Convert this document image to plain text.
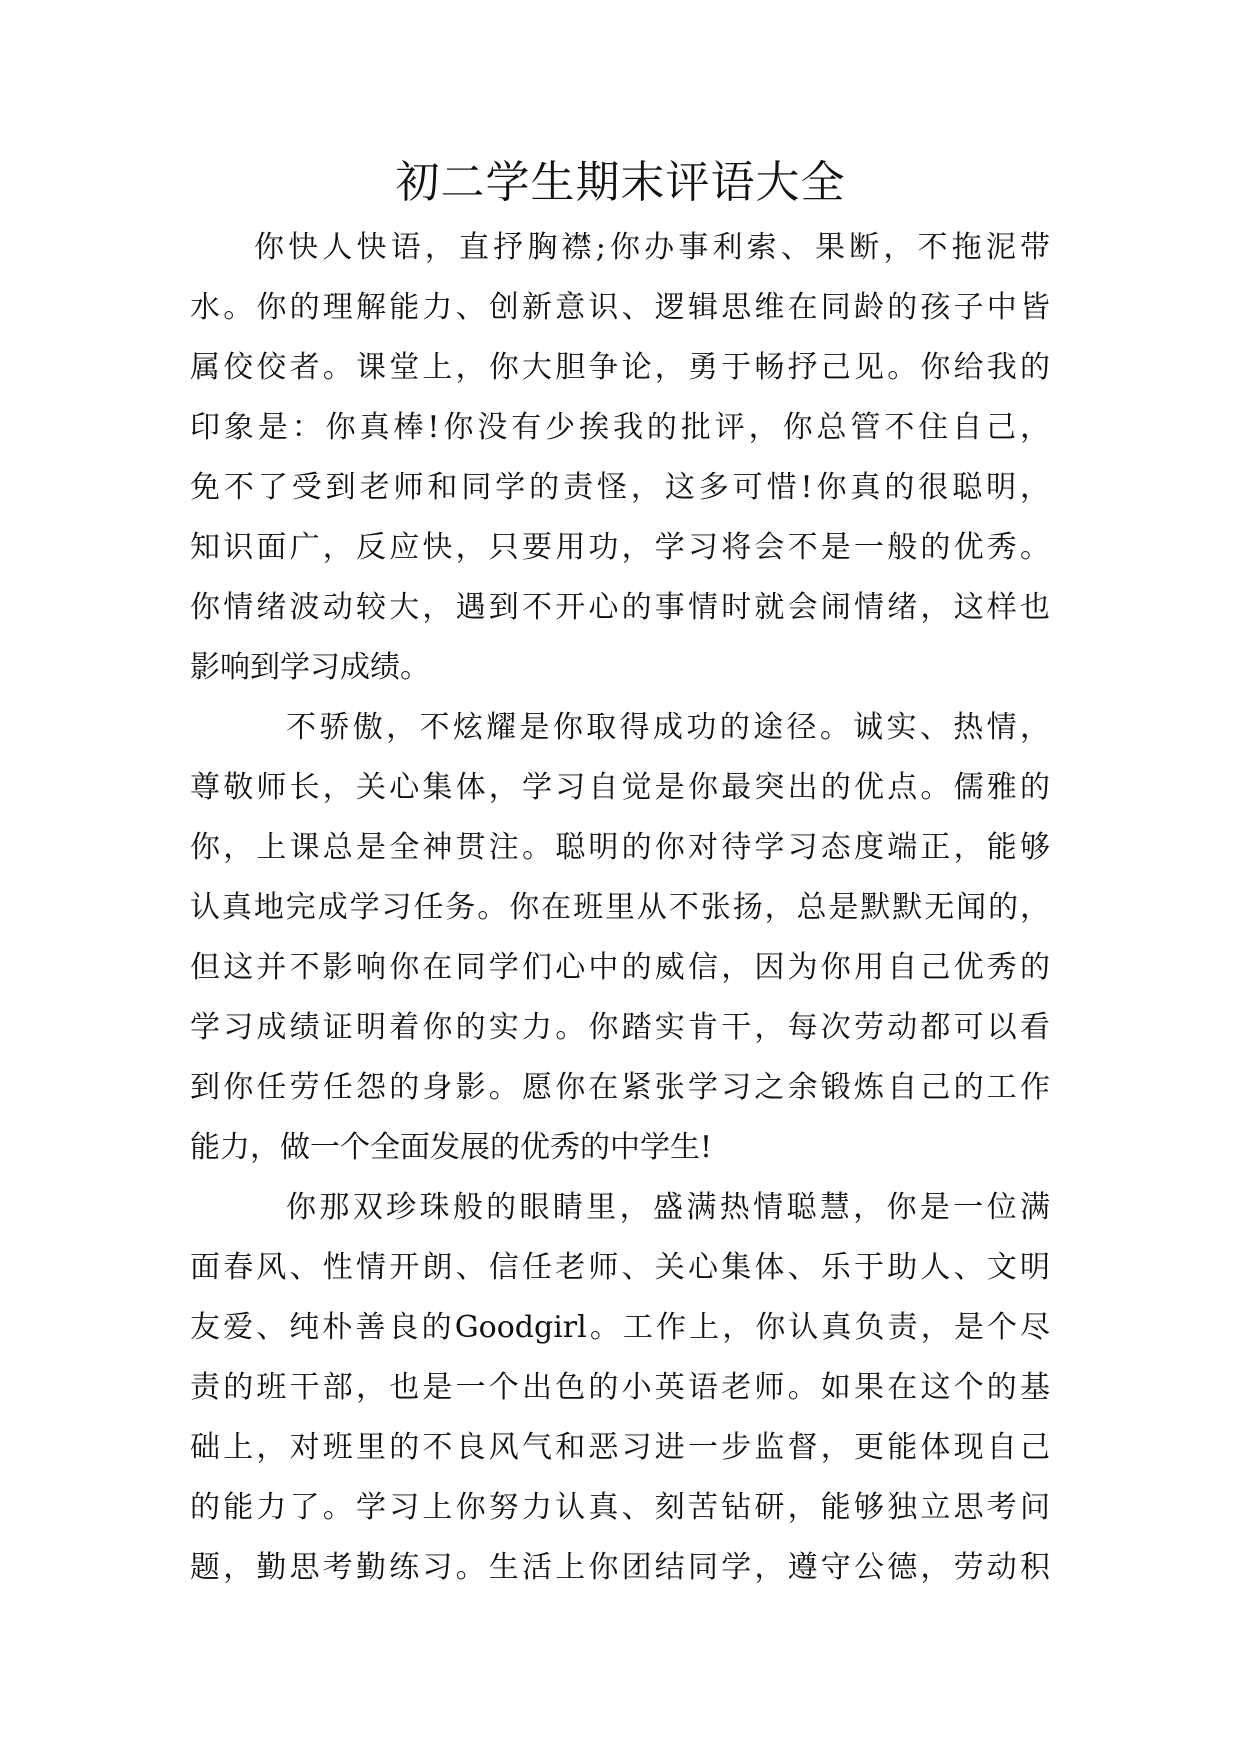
初二学生期末评语大全

你快人快语，直抒胸襟;你办事利索、果断，不拖泥带
水。你的理解能力、创新意识、逻辑思维在同龄的孩子中皆
属佼佼者。课堂上，你大胆争论，勇于畅抒己见。你给我的
印象是：你真棒!你没有少挨我的批评，你总管不住自己，
免不了受到老师和同学的责怪，这多可惜!你真的很聪明，
知识面广，反应快，只要用功，学习将会不是一般的优秀。
你情绪波动较大，遇到不开心的事情时就会闹情绪，这样也
影响到学习成绩。

不骄傲，不炫耀是你取得成功的途径。诚实、热情，
尊敬师长，关心集体，学习自觉是你最突出的优点。儒雅的
你，上课总是全神贯注。聪明的你对待学习态度端正，能够
认真地完成学习任务。你在班里从不张扬，总是默默无闻的，
但这并不影响你在同学们心中的威信，因为你用自己优秀的
学习成绩证明着你的实力。你踏实肯干，每次劳动都可以看
到你任劳任怨的身影。愿你在紧张学习之余锻炼自己的工作
能力，做一个全面发展的优秀的中学生!

你那双珍珠般的眼睛里，盛满热情聪慧，你是一位满
面春风、性情开朗、信任老师、关心集体、乐于助人、文明
友爱、纯朴善良的Goodgirl。工作上，你认真负责，是个尽
责的班干部，也是一个出色的小英语老师。如果在这个的基
础上，对班里的不良风气和恶习进一步监督，更能体现自己
的能力了。学习上你努力认真、刻苦钻研，能够独立思考问
题，勤思考勤练习。生活上你团结同学，遵守公德，劳动积
